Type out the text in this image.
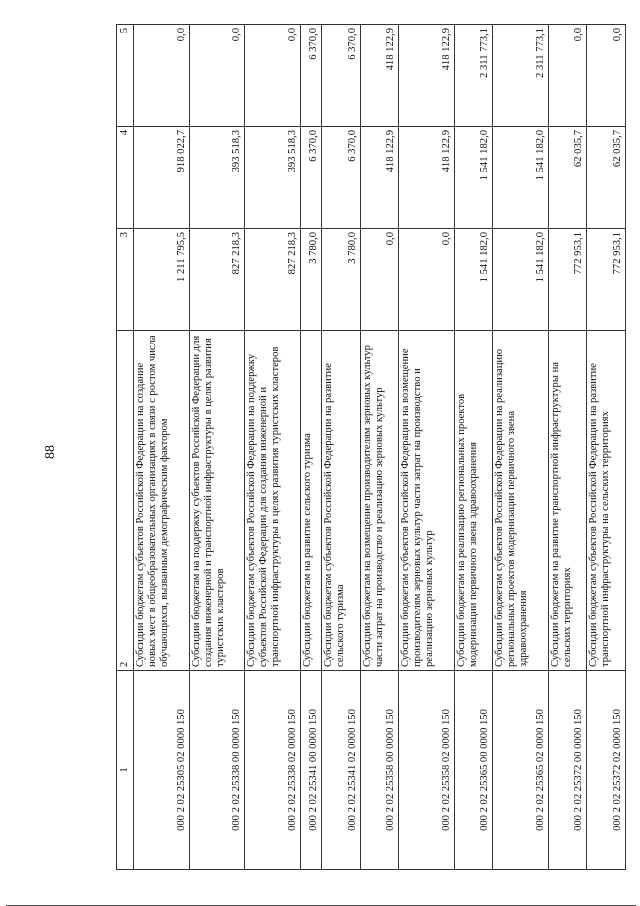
88
1	2	3	4	5
000 2 02 25305 02 0000 150	Субсидии бюджетам субъектов Российской Федерации на создание новых мест в общеобразовательных организациях в связи с ростом числа обучающихся, вызванным демографическим фактором	1 211 795,5	918 022,7	0,0
000 2 02 25338 00 0000 150	Субсидии бюджетам на поддержку субъектов Российской Федерации для создания инженерной и транспортной инфраструктуры в целях развития туристских кластеров	827 218,3	393 518,3	0,0
000 2 02 25338 02 0000 150	Субсидии бюджетам субъектов Российской Федерации на поддержку субъектов Российской Федерации для создания инженерной и транспортной инфраструктуры в целях развития туристских кластеров	827 218,3	393 518,3	0,0
000 2 02 25341 00 0000 150	Субсидии бюджетам на развитие сельского туризма	3 780,0	6 370,0	6 370,0
000 2 02 25341 02 0000 150	Субсидии бюджетам субъектов Российской Федерации на развитие сельского туризма	3 780,0	6 370,0	6 370,0
000 2 02 25358 00 0000 150	Субсидии бюджетам на возмещение производителям зерновых культур части затрат на производство и реализацию зерновых культур	0,0	418 122,9	418 122,9
000 2 02 25358 02 0000 150	Субсидии бюджетам субъектов Российской Федерации на возмещение производителям зерновых культур части затрат на производство и реализацию зерновых культур	0,0	418 122,9	418 122,9
000 2 02 25365 00 0000 150	Субсидии бюджетам на реализацию региональных проектов модернизации первичного звена здравоохранения	1 541 182,0	1 541 182,0	2 311 773,1
000 2 02 25365 02 0000 150	Субсидии бюджетам субъектов Российской Федерации на реализацию региональных проектов модернизации первичного звена здравоохранения	1 541 182,0	1 541 182,0	2 311 773,1
000 2 02 25372 00 0000 150	Субсидии бюджетам на развитие транспортной инфраструктуры на сельских территориях	772 953,1	62 035,7	0,0
000 2 02 25372 02 0000 150	Субсидии бюджетам субъектов Российской Федерации на развитие транспортной инфраструктуры на сельских территориях	772 953,1	62 035,7	0,0
